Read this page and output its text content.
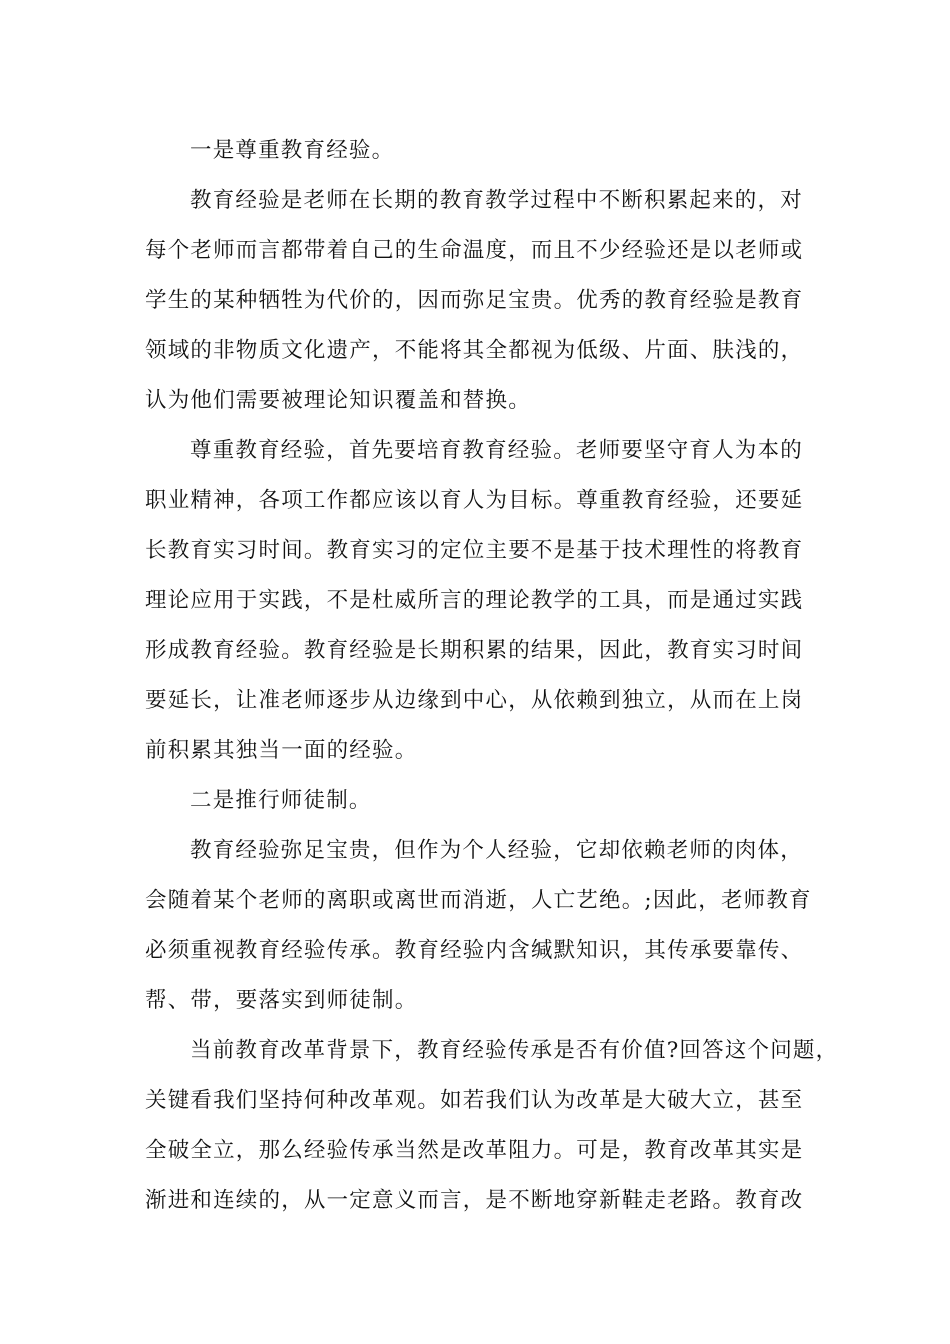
一是尊重教育经验。
教育经验是老师在长期的教育教学过程中不断积累起来的，对
每个老师而言都带着自己的生命温度，而且不少经验还是以老师或
学生的某种牺牲为代价的，因而弥足宝贵。优秀的教育经验是教育
领域的非物质文化遗产，不能将其全都视为低级、片面、肤浅的，
认为他们需要被理论知识覆盖和替换。
尊重教育经验，首先要培育教育经验。老师要坚守育人为本的
职业精神，各项工作都应该以育人为目标。尊重教育经验，还要延
长教育实习时间。教育实习的定位主要不是基于技术理性的将教育
理论应用于实践，不是杜威所言的理论教学的工具，而是通过实践
形成教育经验。教育经验是长期积累的结果，因此，教育实习时间
要延长，让准老师逐步从边缘到中心，从依赖到独立，从而在上岗
前积累其独当一面的经验。
二是推行师徒制。
教育经验弥足宝贵，但作为个人经验，它却依赖老师的肉体，
会随着某个老师的离职或离世而消逝，人亡艺绝。;因此，老师教育
必须重视教育经验传承。教育经验内含缄默知识，其传承要靠传、
帮、带，要落实到师徒制。
当前教育改革背景下，教育经验传承是否有价值?回答这个问题，
关键看我们坚持何种改革观。如若我们认为改革是大破大立，甚至
全破全立，那么经验传承当然是改革阻力。可是，教育改革其实是
渐进和连续的，从一定意义而言，是不断地穿新鞋走老路。教育改
